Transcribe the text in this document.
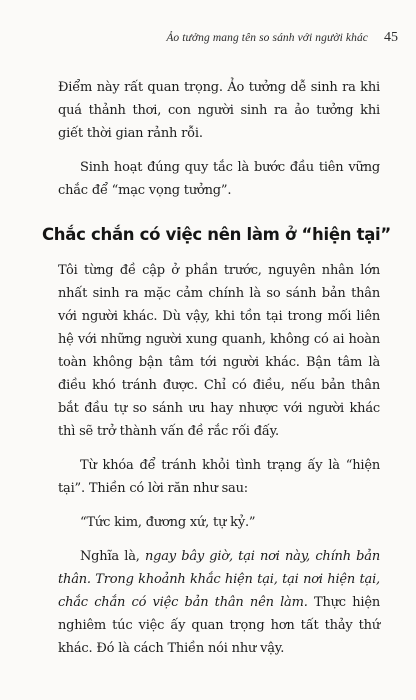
Ảo tưởng mang tên so sánh với người khác 45

Điểm này rất quan trọng. Ảo tưởng dễ sinh ra khi quá thảnh thơi, con người sinh ra ảo tưởng khi giết thời gian rảnh rỗi.

Sinh hoạt đúng quy tắc là bước đầu tiên vững chắc để “mạc vọng tưởng”.

Chắc chắn có việc nên làm ở “hiện tại”

Tôi từng đề cập ở phần trước, nguyên nhân lớn nhất sinh ra mặc cảm chính là so sánh bản thân với người khác. Dù vậy, khi tồn tại trong mối liên hệ với những người xung quanh, không có ai hoàn toàn không bận tâm tới người khác. Bận tâm là điều khó tránh được. Chỉ có điều, nếu bản thân bắt đầu tự so sánh ưu hay nhược với người khác thì sẽ trở thành vấn đề rắc rối đấy.

Từ khóa để tránh khỏi tình trạng ấy là “hiện tại”. Thiền có lời răn như sau:

“Tức kim, đương xứ, tự kỷ.”

Nghĩa là, ngay bây giờ, tại nơi này, chính bản thân. Trong khoảnh khắc hiện tại, tại nơi hiện tại, chắc chắn có việc bản thân nên làm. Thực hiện nghiêm túc việc ấy quan trọng hơn tất thảy thứ khác. Đó là cách Thiền nói như vậy.
